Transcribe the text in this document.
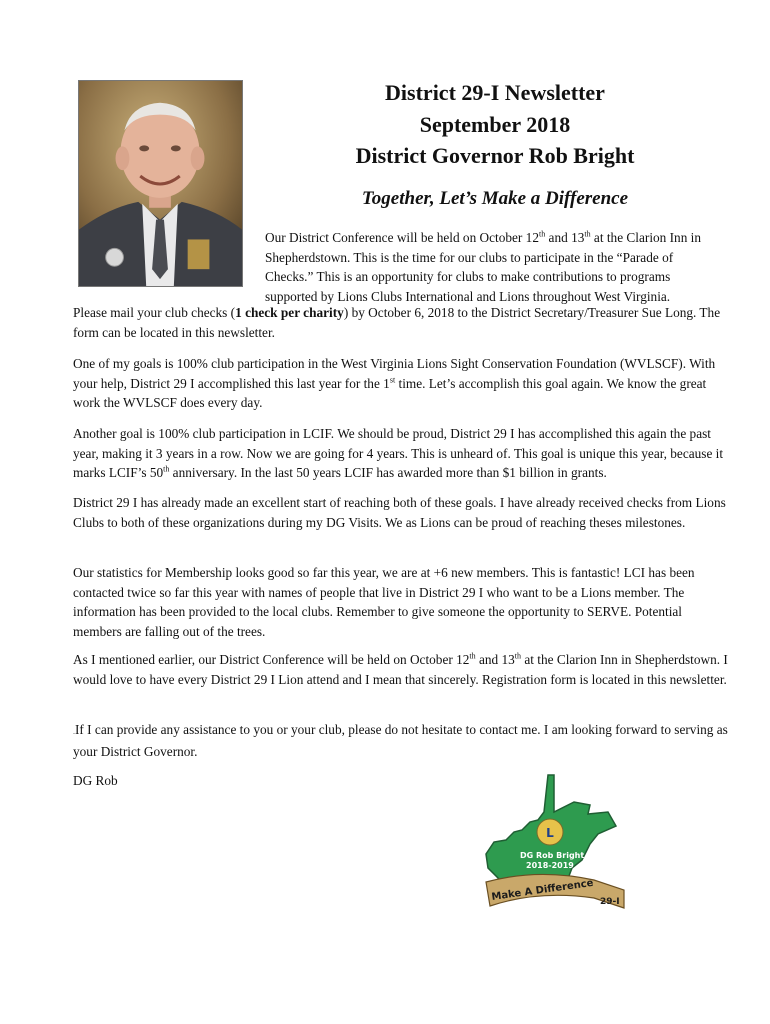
District 29-I Newsletter
September 2018
District Governor Rob Bright
Together, Let’s Make a Difference

Our District Conference will be held on October 12th and 13th at the Clarion Inn in Shepherdstown. This is the time for our clubs to participate in the “Parade of Checks.” This is an opportunity for clubs to make contributions to programs supported by Lions Clubs International and Lions throughout West Virginia.

Please mail your club checks (1 check per charity) by October 6, 2018 to the District Secretary/Treasurer Sue Long. The form can be located in this newsletter.

One of my goals is 100% club participation in the West Virginia Lions Sight Conservation Foundation (WVLSCF). With your help, District 29 I accomplished this last year for the 1st time. Let’s accomplish this goal again. We know the great work the WVLSCF does every day.

Another goal is 100% club participation in LCIF. We should be proud, District 29 I has accomplished this again the past year, making it 3 years in a row. Now we are going for 4 years. This is unheard of. This goal is unique this year, because it marks LCIF’s 50th anniversary. In the last 50 years LCIF has awarded more than $1 billion in grants.

District 29 I has already made an excellent start of reaching both of these goals. I have already received checks from Lions Clubs to both of these organizations during my DG Visits. We as Lions can be proud of reaching theses milestones.

Our statistics for Membership looks good so far this year, we are at +6 new members. This is fantastic! LCI has been contacted twice so far this year with names of people that live in District 29 I who want to be a Lions member. The information has been provided to the local clubs. Remember to give someone the opportunity to SERVE. Potential members are falling out of the trees.

As I mentioned earlier, our District Conference will be held on October 12th and 13th at the Clarion Inn in Shepherdstown. I would love to have every District 29 I Lion attend and I mean that sincerely. Registration form is located in this newsletter.

.If I can provide any assistance to you or your club, please do not hesitate to contact me. I am looking forward to serving as your District Governor.

DG Rob

L
DG Rob Bright
2018-2019
Make A Difference 29-I
